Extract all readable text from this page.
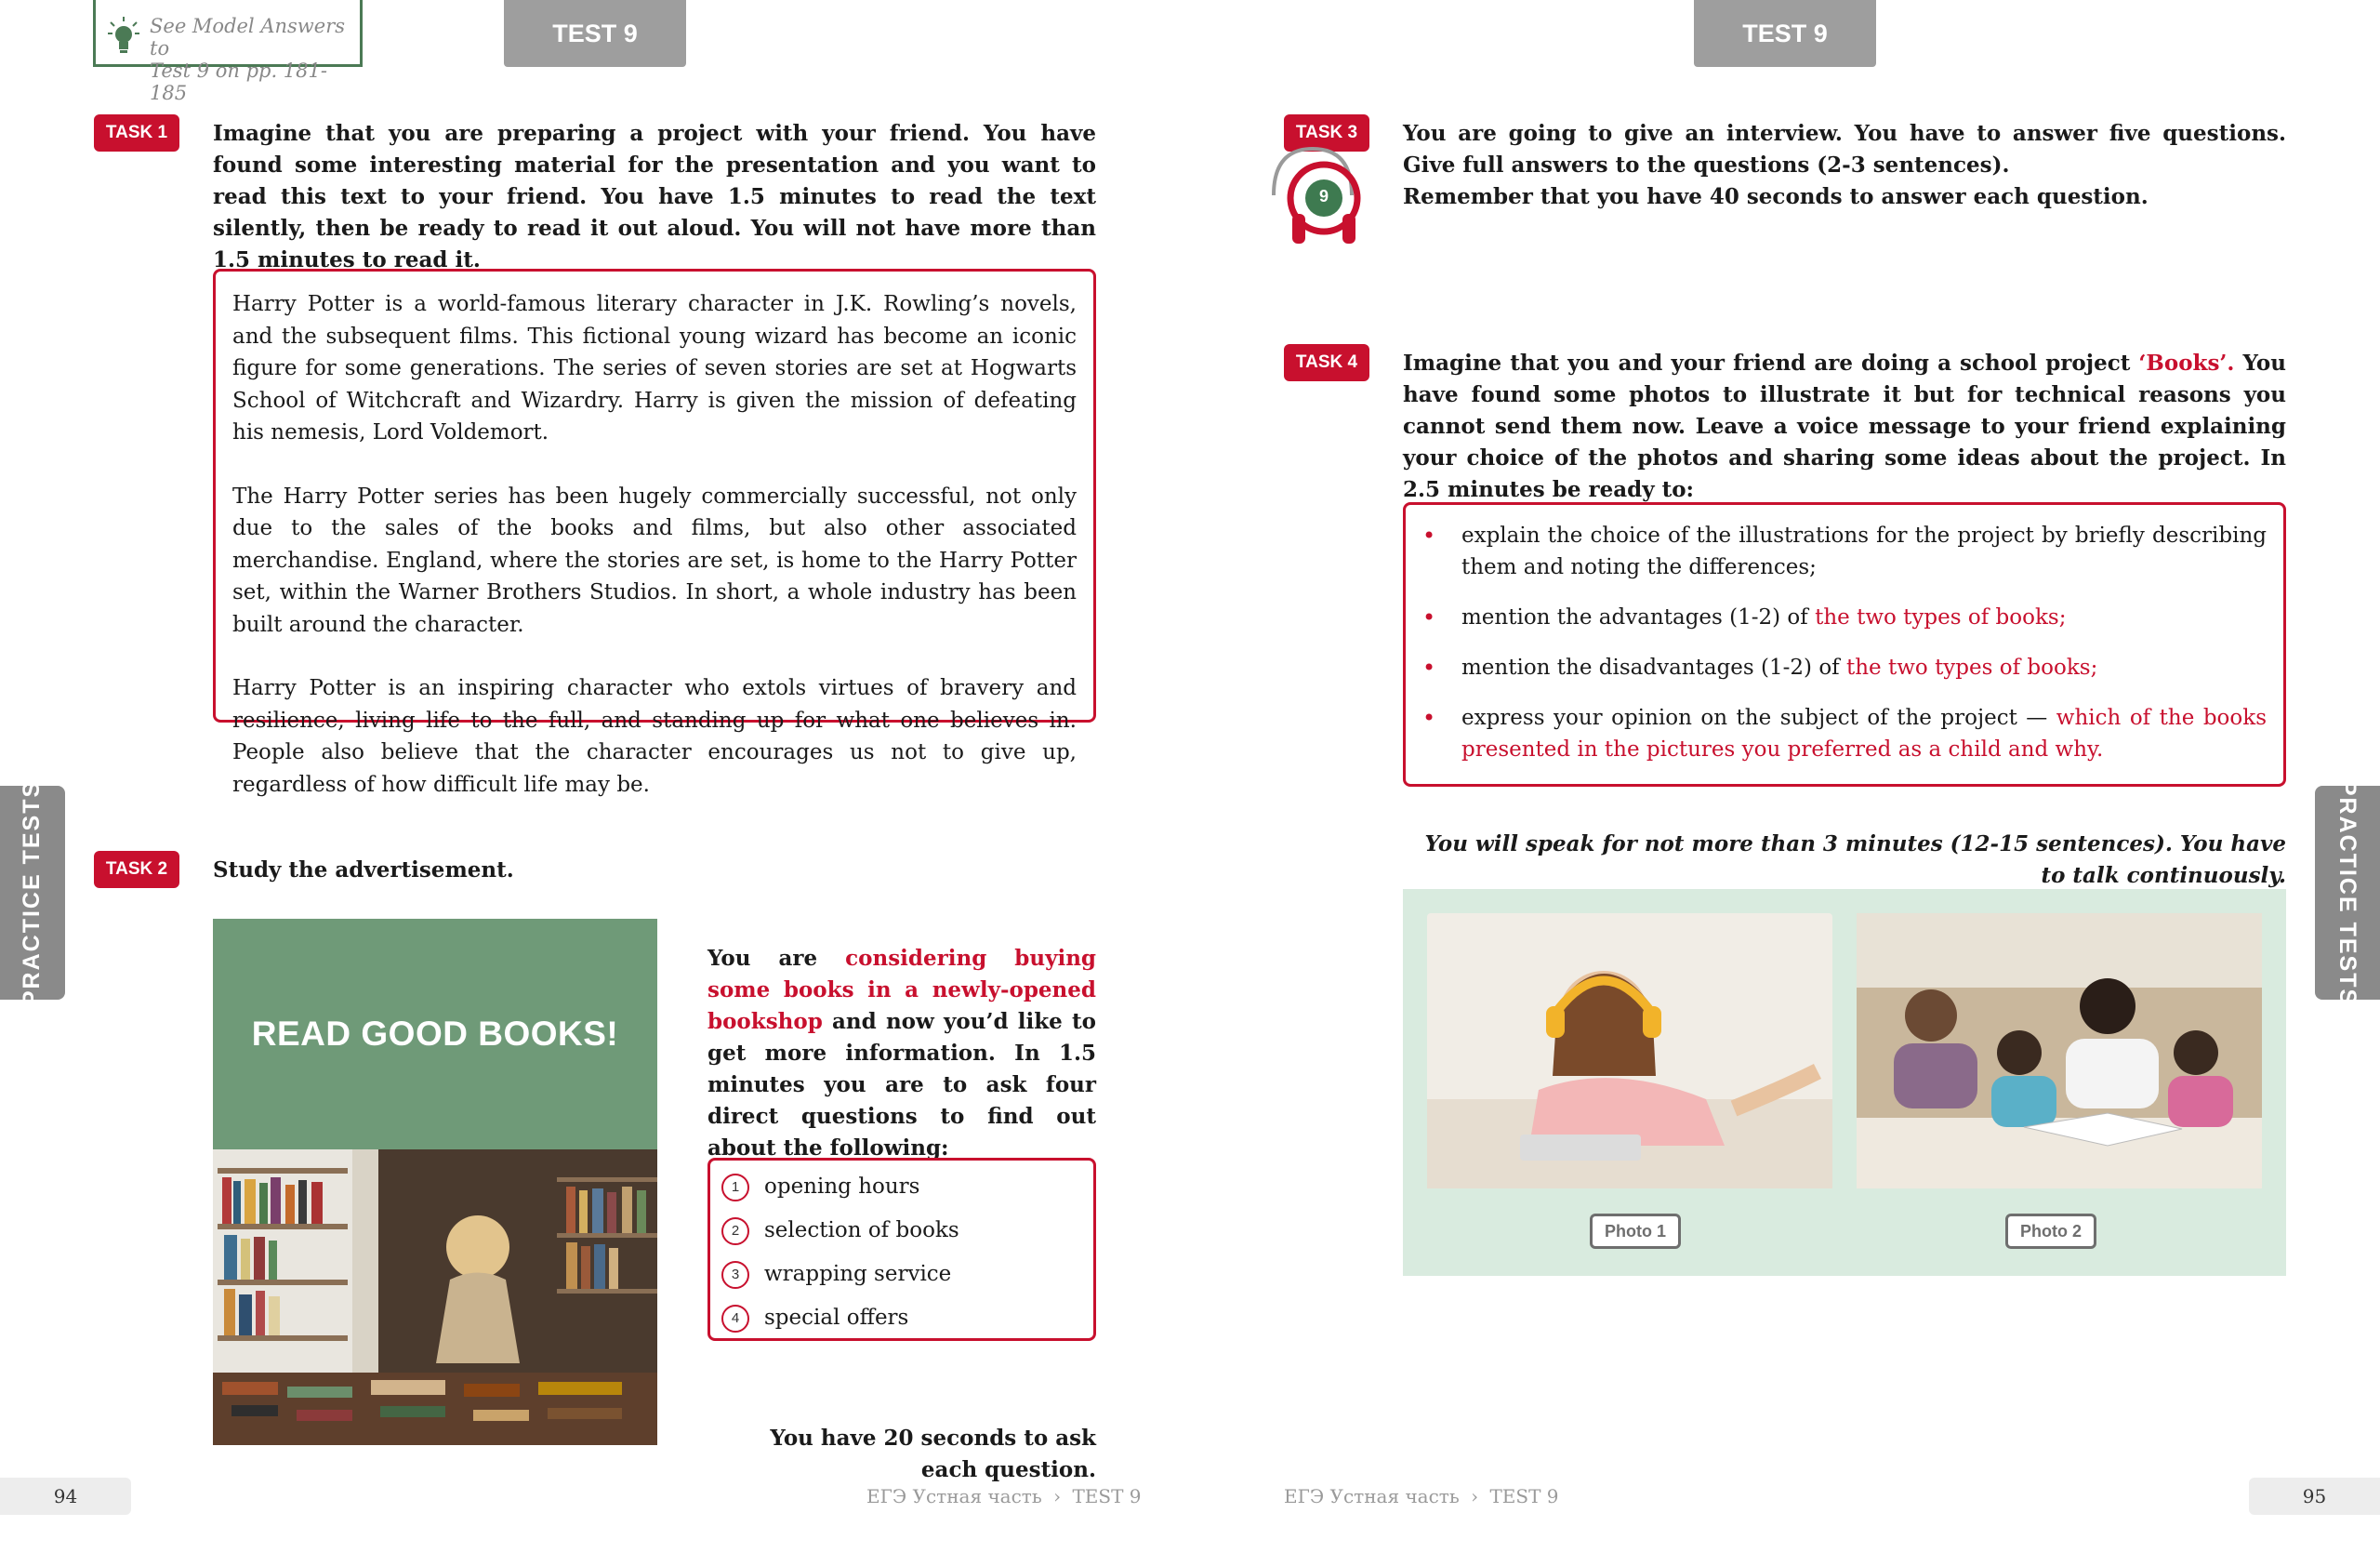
See Model Answers to
Test 9 on pp. 181-185
TEST 9
TASK 1	Imagine that you are preparing a project with your friend. You have found some interesting material for the presentation and you want to read this text to your friend. You have 1.5 minutes to read the text silently, then be ready to read it out aloud. You will not have more than 1.5 minutes to read it.

Harry Potter is a world-famous literary character in J.K. Rowling’s novels, and the subsequent films. This fictional young wizard has become an iconic figure for some generations. The series of seven stories are set at Hogwarts School of Witchcraft and Wizardry. Harry is given the mission of defeating his nemesis, Lord Voldemort.

The Harry Potter series has been hugely commercially successful, not only due to the sales of the books and films, but also other associated merchandise. England, where the stories are set, is home to the Harry Potter set, within the Warner Brothers Studios. In short, a whole industry has been built around the character.

Harry Potter is an inspiring character who extols virtues of bravery and resilience, living life to the full, and standing up for what one believes in. People also believe that the character encourages us not to give up, regardless of how difficult life may be.

TASK 2	Study the advertisement.
READ GOOD BOOKS!
You are considering buying some books in a newly-opened bookshop and now you’d like to get more information. In 1.5 minutes you are to ask four direct questions to find out about the following:
1	opening hours
2	selection of books
3	wrapping service
4	special offers
You have 20 seconds to ask each question.
PRACTICE TESTS
94	ЕГЭ Устная часть › TEST 9
TEST 9
TASK 3
9
You are going to give an interview. You have to answer five questions. Give full answers to the questions (2-3 sentences).
Remember that you have 40 seconds to answer each question.
TASK 4	Imagine that you and your friend are doing a school project ‘Books’. You have found some photos to illustrate it but for technical reasons you cannot send them now. Leave a voice message to your friend explaining your choice of the photos and sharing some ideas about the project. In 2.5 minutes be ready to:
• explain the choice of the illustrations for the project by briefly describing them and noting the differences;
• mention the advantages (1-2) of the two types of books;
• mention the disadvantages (1-2) of the two types of books;
• express your opinion on the subject of the project — which of the books presented in the pictures you preferred as a child and why.
You will speak for not more than 3 minutes (12-15 sentences). You have to talk continuously.
Photo 1	Photo 2
PRACTICE TESTS
ЕГЭ Устная часть › TEST 9	95
